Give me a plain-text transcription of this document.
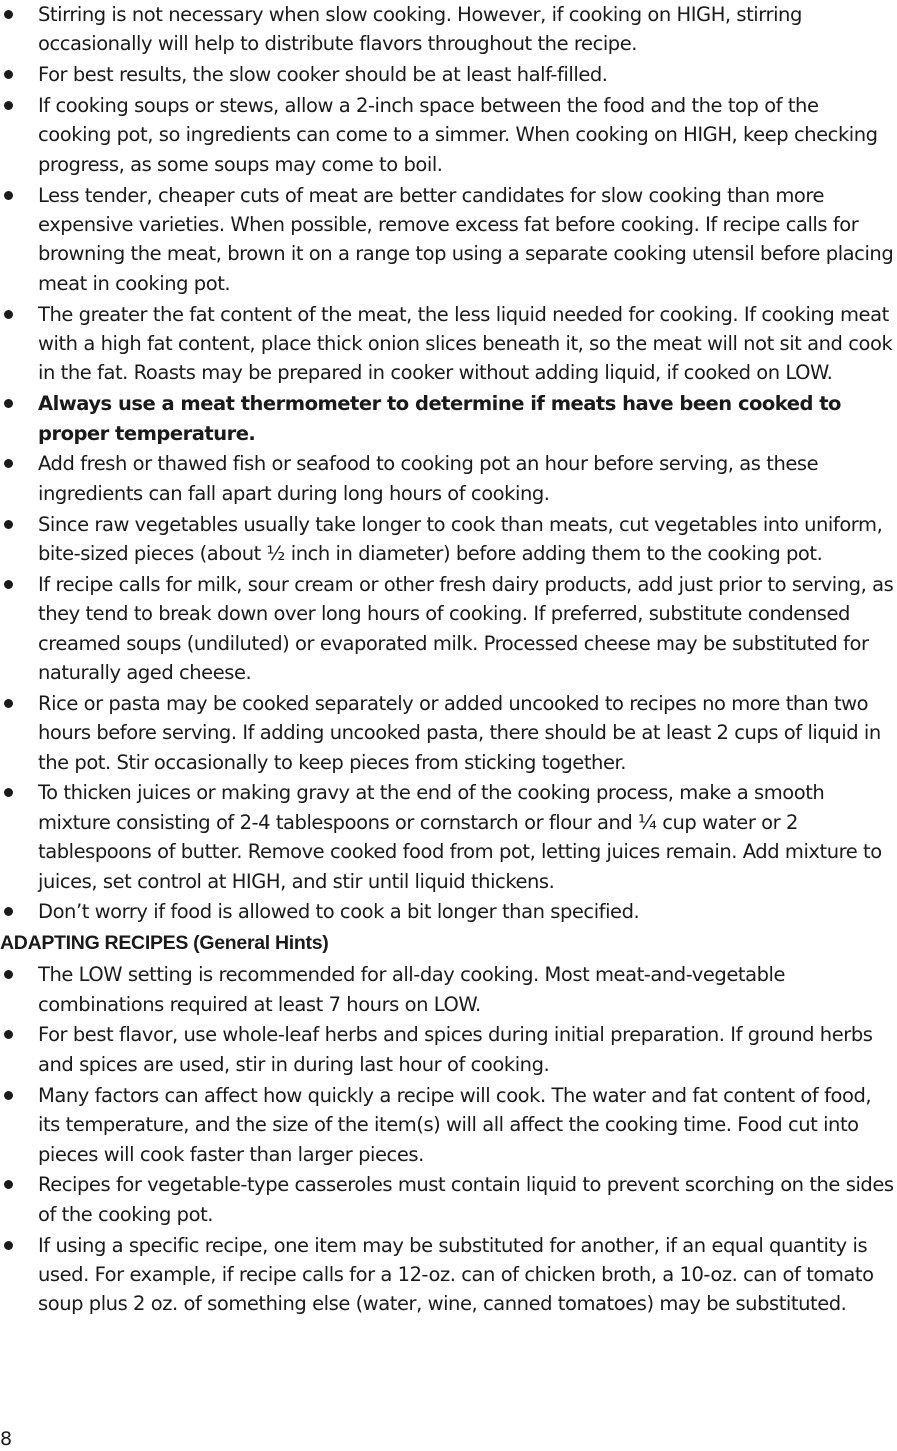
Stirring is not necessary when slow cooking. However, if cooking on HIGH, stirring occasionally will help to distribute flavors throughout the recipe.
For best results, the slow cooker should be at least half-filled.
If cooking soups or stews, allow a 2-inch space between the food and the top of the cooking pot, so ingredients can come to a simmer. When cooking on HIGH, keep checking progress, as some soups may come to boil.
Less tender, cheaper cuts of meat are better candidates for slow cooking than more expensive varieties. When possible, remove excess fat before cooking. If recipe calls for browning the meat, brown it on a range top using a separate cooking utensil before placing meat in cooking pot.
The greater the fat content of the meat, the less liquid needed for cooking. If cooking meat with a high fat content, place thick onion slices beneath it, so the meat will not sit and cook in the fat. Roasts may be prepared in cooker without adding liquid, if cooked on LOW.
Always use a meat thermometer to determine if meats have been cooked to proper temperature.
Add fresh or thawed fish or seafood to cooking pot an hour before serving, as these ingredients can fall apart during long hours of cooking.
Since raw vegetables usually take longer to cook than meats, cut vegetables into uniform, bite-sized pieces (about ½ inch in diameter) before adding them to the cooking pot.
If recipe calls for milk, sour cream or other fresh dairy products, add just prior to serving, as they tend to break down over long hours of cooking. If preferred, substitute condensed creamed soups (undiluted) or evaporated milk. Processed cheese may be substituted for naturally aged cheese.
Rice or pasta may be cooked separately or added uncooked to recipes no more than two hours before serving. If adding uncooked pasta, there should be at least 2 cups of liquid in the pot. Stir occasionally to keep pieces from sticking together.
To thicken juices or making gravy at the end of the cooking process, make a smooth mixture consisting of 2-4 tablespoons or cornstarch or flour and ¼ cup water or 2 tablespoons of butter. Remove cooked food from pot, letting juices remain. Add mixture to juices, set control at HIGH, and stir until liquid thickens.
Don’t worry if food is allowed to cook a bit longer than specified.
ADAPTING RECIPES (General Hints)
The LOW setting is recommended for all-day cooking. Most meat-and-vegetable combinations required at least 7 hours on LOW.
For best flavor, use whole-leaf herbs and spices during initial preparation. If ground herbs and spices are used, stir in during last hour of cooking.
Many factors can affect how quickly a recipe will cook. The water and fat content of food, its temperature, and the size of the item(s) will all affect the cooking time. Food cut into pieces will cook faster than larger pieces.
Recipes for vegetable-type casseroles must contain liquid to prevent scorching on the sides of the cooking pot.
If using a specific recipe, one item may be substituted for another, if an equal quantity is used. For example, if recipe calls for a 12-oz. can of chicken broth, a 10-oz. can of tomato soup plus 2 oz. of something else (water, wine, canned tomatoes) may be substituted.
8
